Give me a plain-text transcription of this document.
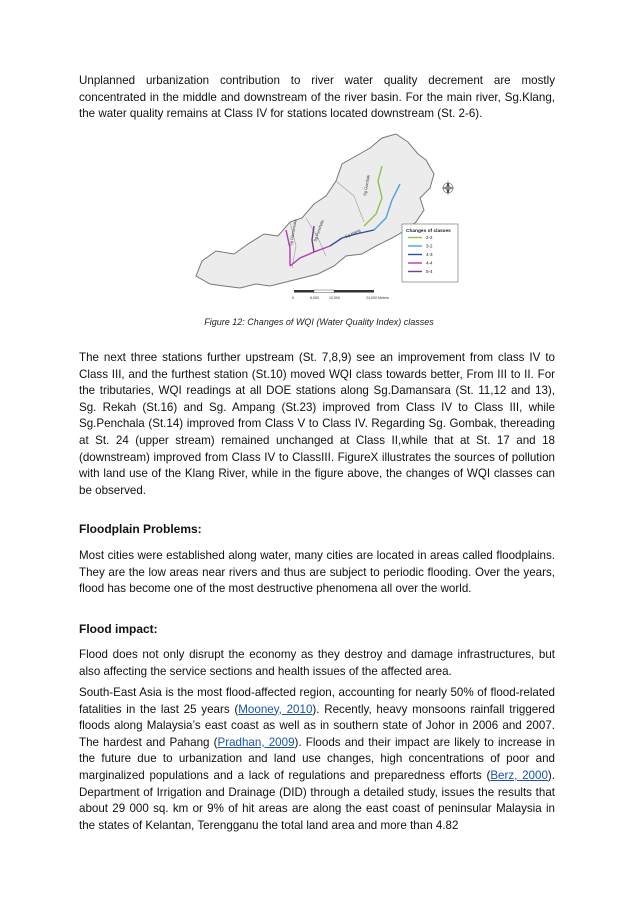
Unplanned urbanization contribution to river water quality decrement are mostly concentrated in the middle and downstream of the river basin. For the main river, Sg.Klang, the water quality remains at Class IV for stations located downstream (St. 2-6).
Sg Gombak
Sg Klang
Sg Damansara	Sg Penchala	Changes of classes
2-2
3-2
4-3
4-4
5-4
0	6,000	12,000	24,000 Meters
Figure 12: Changes of WQI (Water Quality Index) classes
The next three stations further upstream (St. 7,8,9) see an improvement from class IV to Class III, and the furthest station (St.10) moved WQI class towards better, From III to II. For the tributaries, WQI readings at all DOE stations along Sg.Damansara (St. 11,12 and 13), Sg. Rekah (St.16) and Sg. Ampang (St.23) improved from Class IV to Class III, while Sg.Penchala (St.14) improved from Class V to Class IV. Regarding Sg. Gombak, thereading at St. 24 (upper stream) remained unchanged at Class II,while that at St. 17 and 18 (downstream) improved from Class IV to ClassIII. FigureX illustrates the sources of pollution with land use of the Klang River, while in the figure above, the changes of WQI classes can be observed.
Floodplain Problems:
Most cities were established along water, many cities are located in areas called floodplains. They are the low areas near rivers and thus are subject to periodic flooding. Over the years, flood has become one of the most destructive phenomena all over the world.
Flood impact:
Flood does not only disrupt the economy as they destroy and damage infrastructures, but also affecting the service sections and health issues of the affected area.
South-East Asia is the most flood-affected region, accounting for nearly 50% of flood-related fatalities in the last 25 years (Mooney, 2010). Recently, heavy monsoons rainfall triggered floods along Malaysia’s east coast as well as in southern state of Johor in 2006 and 2007. The hardest and Pahang (Pradhan, 2009). Floods and their impact are likely to increase in the future due to urbanization and land use changes, high concentrations of poor and marginalized populations and a lack of regulations and preparedness efforts (Berz, 2000). Department of Irrigation and Drainage (DID) through a detailed study, issues the results that about 29 000 sq. km or 9% of hit areas are along the east coast of peninsular Malaysia in the states of Kelantan, Terengganu the total land area and more than 4.82
